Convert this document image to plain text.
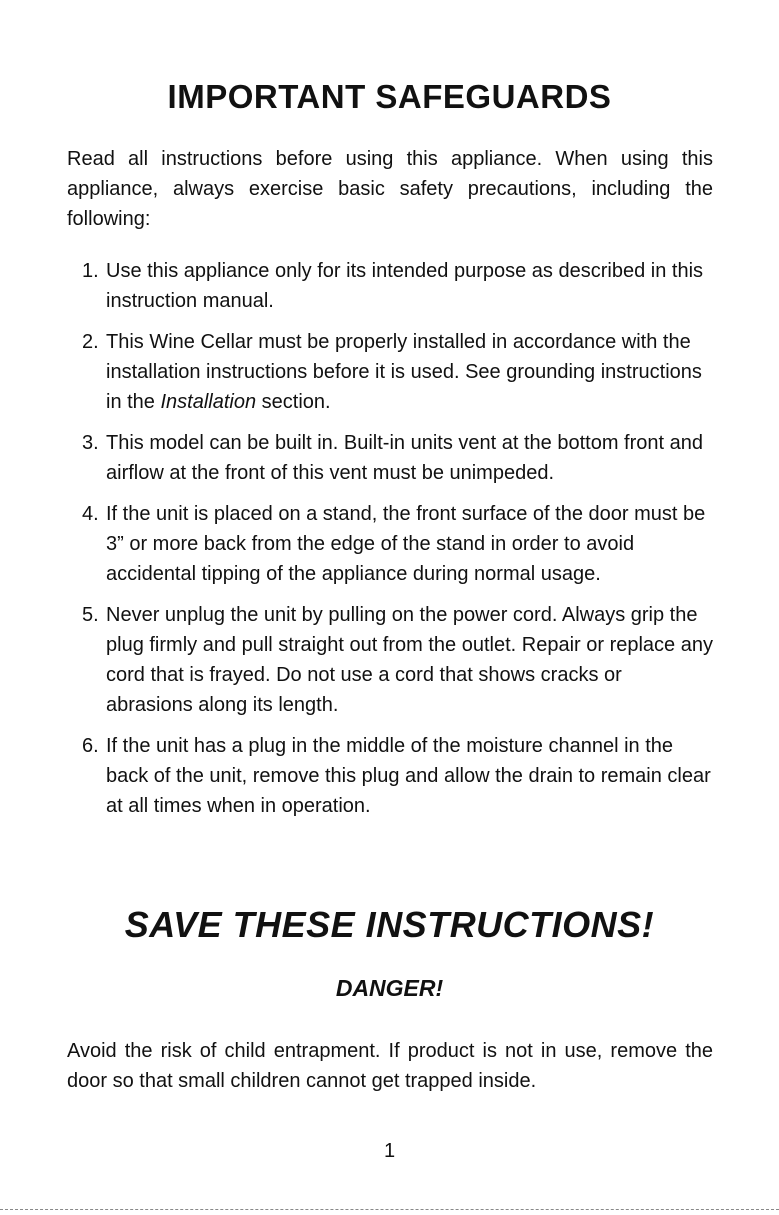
IMPORTANT SAFEGUARDS

Read all instructions before using this appliance. When using this appliance, always exercise basic safety precautions, including the following:

1. Use this appliance only for its intended purpose as described in this instruction manual.
2. This Wine Cellar must be properly installed in accordance with the installation instructions before it is used. See grounding instructions in the Installation section.
3. This model can be built in. Built-in units vent at the bottom front and airflow at the front of this vent must be unimpeded.
4. If the unit is placed on a stand, the front surface of the door must be 3” or more back from the edge of the stand in order to avoid accidental tipping of the appliance during normal usage.
5. Never unplug the unit by pulling on the power cord. Always grip the plug firmly and pull straight out from the outlet. Repair or replace any cord that is frayed. Do not use a cord that shows cracks or abrasions along its length.
6. If the unit has a plug in the middle of the moisture channel in the back of the unit, remove this plug and allow the drain to remain clear at all times when in operation.
SAVE THESE INSTRUCTIONS!
DANGER!

Avoid the risk of child entrapment. If product is not in use, remove the door so that small children cannot get trapped inside.

1
